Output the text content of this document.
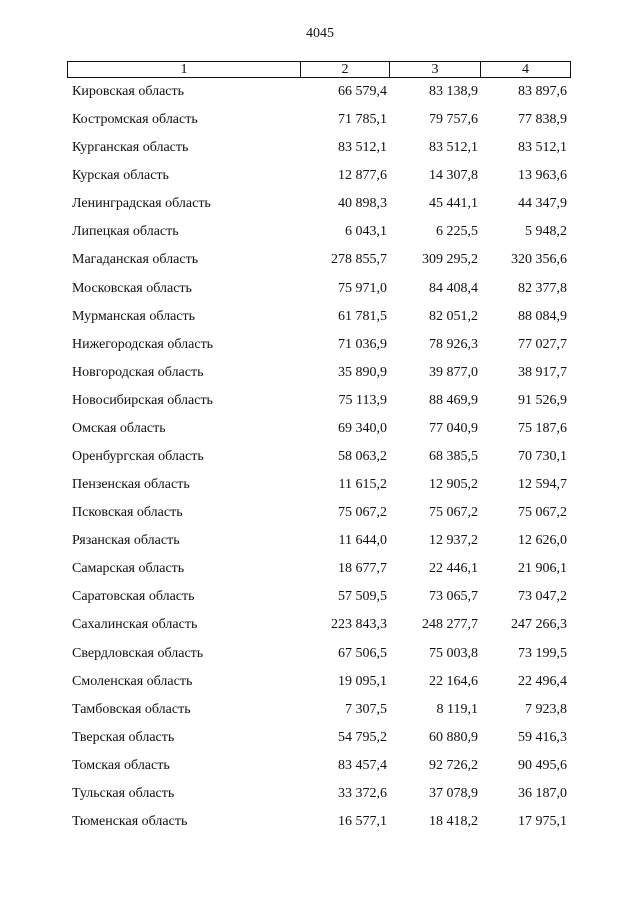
4045
1	2	3	4
Кировская область	66 579,4	83 138,9	83 897,6
Костромская область	71 785,1	79 757,6	77 838,9
Курганская область	83 512,1	83 512,1	83 512,1
Курская область	12 877,6	14 307,8	13 963,6
Ленинградская область	40 898,3	45 441,1	44 347,9
Липецкая область	6 043,1	6 225,5	5 948,2
Магаданская область	278 855,7	309 295,2	320 356,6
Московская область	75 971,0	84 408,4	82 377,8
Мурманская область	61 781,5	82 051,2	88 084,9
Нижегородская область	71 036,9	78 926,3	77 027,7
Новгородская область	35 890,9	39 877,0	38 917,7
Новосибирская область	75 113,9	88 469,9	91 526,9
Омская область	69 340,0	77 040,9	75 187,6
Оренбургская область	58 063,2	68 385,5	70 730,1
Пензенская область	11 615,2	12 905,2	12 594,7
Псковская область	75 067,2	75 067,2	75 067,2
Рязанская область	11 644,0	12 937,2	12 626,0
Самарская область	18 677,7	22 446,1	21 906,1
Саратовская область	57 509,5	73 065,7	73 047,2
Сахалинская область	223 843,3	248 277,7	247 266,3
Свердловская область	67 506,5	75 003,8	73 199,5
Смоленская область	19 095,1	22 164,6	22 496,4
Тамбовская область	7 307,5	8 119,1	7 923,8
Тверская область	54 795,2	60 880,9	59 416,3
Томская область	83 457,4	92 726,2	90 495,6
Тульская область	33 372,6	37 078,9	36 187,0
Тюменская область	16 577,1	18 418,2	17 975,1
